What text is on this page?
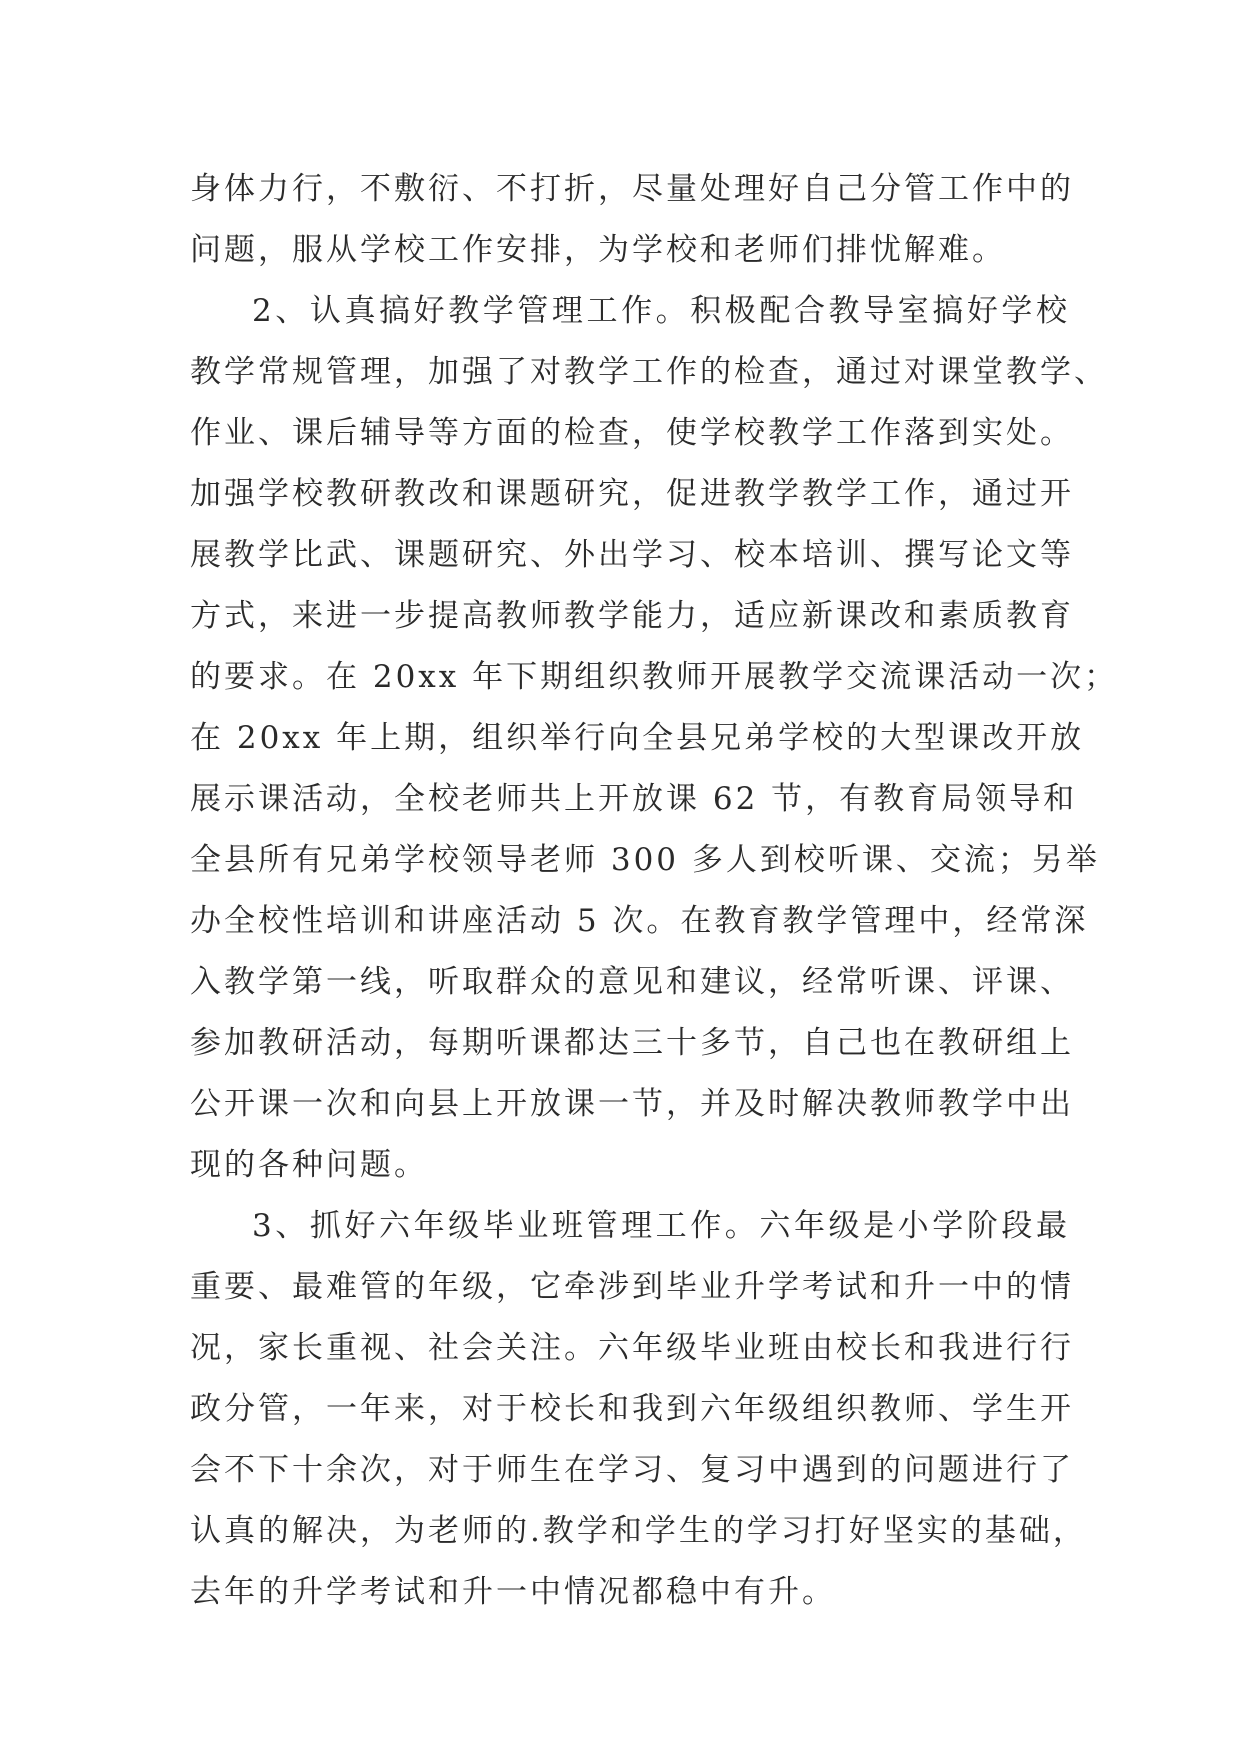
身体力行，不敷衍、不打折，尽量处理好自己分管工作中的
问题，服从学校工作安排，为学校和老师们排忧解难。
2、认真搞好教学管理工作。积极配合教导室搞好学校
教学常规管理，加强了对教学工作的检查，通过对课堂教学、
作业、课后辅导等方面的检查，使学校教学工作落到实处。
加强学校教研教改和课题研究，促进教学教学工作，通过开
展教学比武、课题研究、外出学习、校本培训、撰写论文等
方式，来进一步提高教师教学能力，适应新课改和素质教育
的要求。在 20xx 年下期组织教师开展教学交流课活动一次；
在 20xx 年上期，组织举行向全县兄弟学校的大型课改开放
展示课活动，全校老师共上开放课 62 节，有教育局领导和
全县所有兄弟学校领导老师 300 多人到校听课、交流；另举
办全校性培训和讲座活动 5 次。在教育教学管理中，经常深
入教学第一线，听取群众的意见和建议，经常听课、评课、
参加教研活动，每期听课都达三十多节，自己也在教研组上
公开课一次和向县上开放课一节，并及时解决教师教学中出
现的各种问题。
3、抓好六年级毕业班管理工作。六年级是小学阶段最
重要、最难管的年级，它牵涉到毕业升学考试和升一中的情
况，家长重视、社会关注。六年级毕业班由校长和我进行行
政分管，一年来，对于校长和我到六年级组织教师、学生开
会不下十余次，对于师生在学习、复习中遇到的问题进行了
认真的解决，为老师的.教学和学生的学习打好坚实的基础，
去年的升学考试和升一中情况都稳中有升。
